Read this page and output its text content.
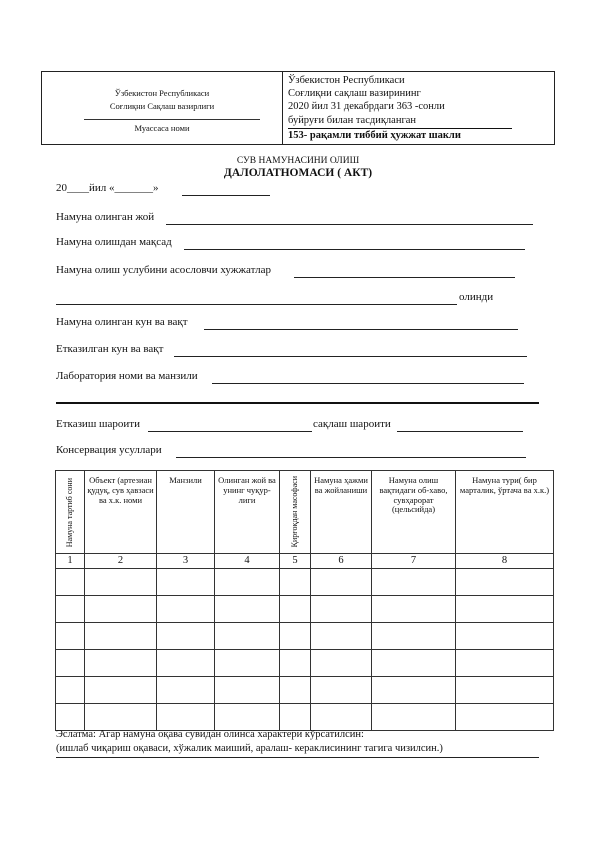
Ўзбекистон Республикаси
Соғлиқни Сақлаш вазирлиги
Муассаса номи
Ўзбекистон Республикаси
Соғлиқни сақлаш вазирининг
2020 йил 31 декабрдаги 363 -сонли
буйруғи билан тасдиқланган
153- рақамли тиббий ҳужжат шакли
СУВ НАМУНАСИНИ ОЛИШ
ДАЛОЛАТНОМАСИ ( АКТ)
20____йил «_______»
Намуна олинган жой
Намуна олишдан мақсад
Намуна олиш услубини асословчи хужжатлар
олинди
Намуна олинган кун ва вақт
Етказилган кун ва вақт
Лаборатория номи ва манзили
Етказиш шароити	сақлаш шароити
Консервация усуллари
Намуна тартиб сони	Объект (артезиан қудуқ, сув ҳавзаси ва х.к. номи	Манзили	Олинган жой ва унинг чуқур-лиги	Қирғоқдан масофаси	Намуна ҳажми ва жойланиши	Намуна олиш вақтидаги об-хаво, сувҳарорат (цельсийда)	Намуна тури( бир марталик, ўртача ва х.к.)
1	2	3	4	5	6	7	8

Эслатма: Агар намуна оқава сувидан олинса характери кўрсатилсин:
(ишлаб чиқариш оқаваси, хўжалик маиший, аралаш- кераклисининг тагига чизилсин.)
